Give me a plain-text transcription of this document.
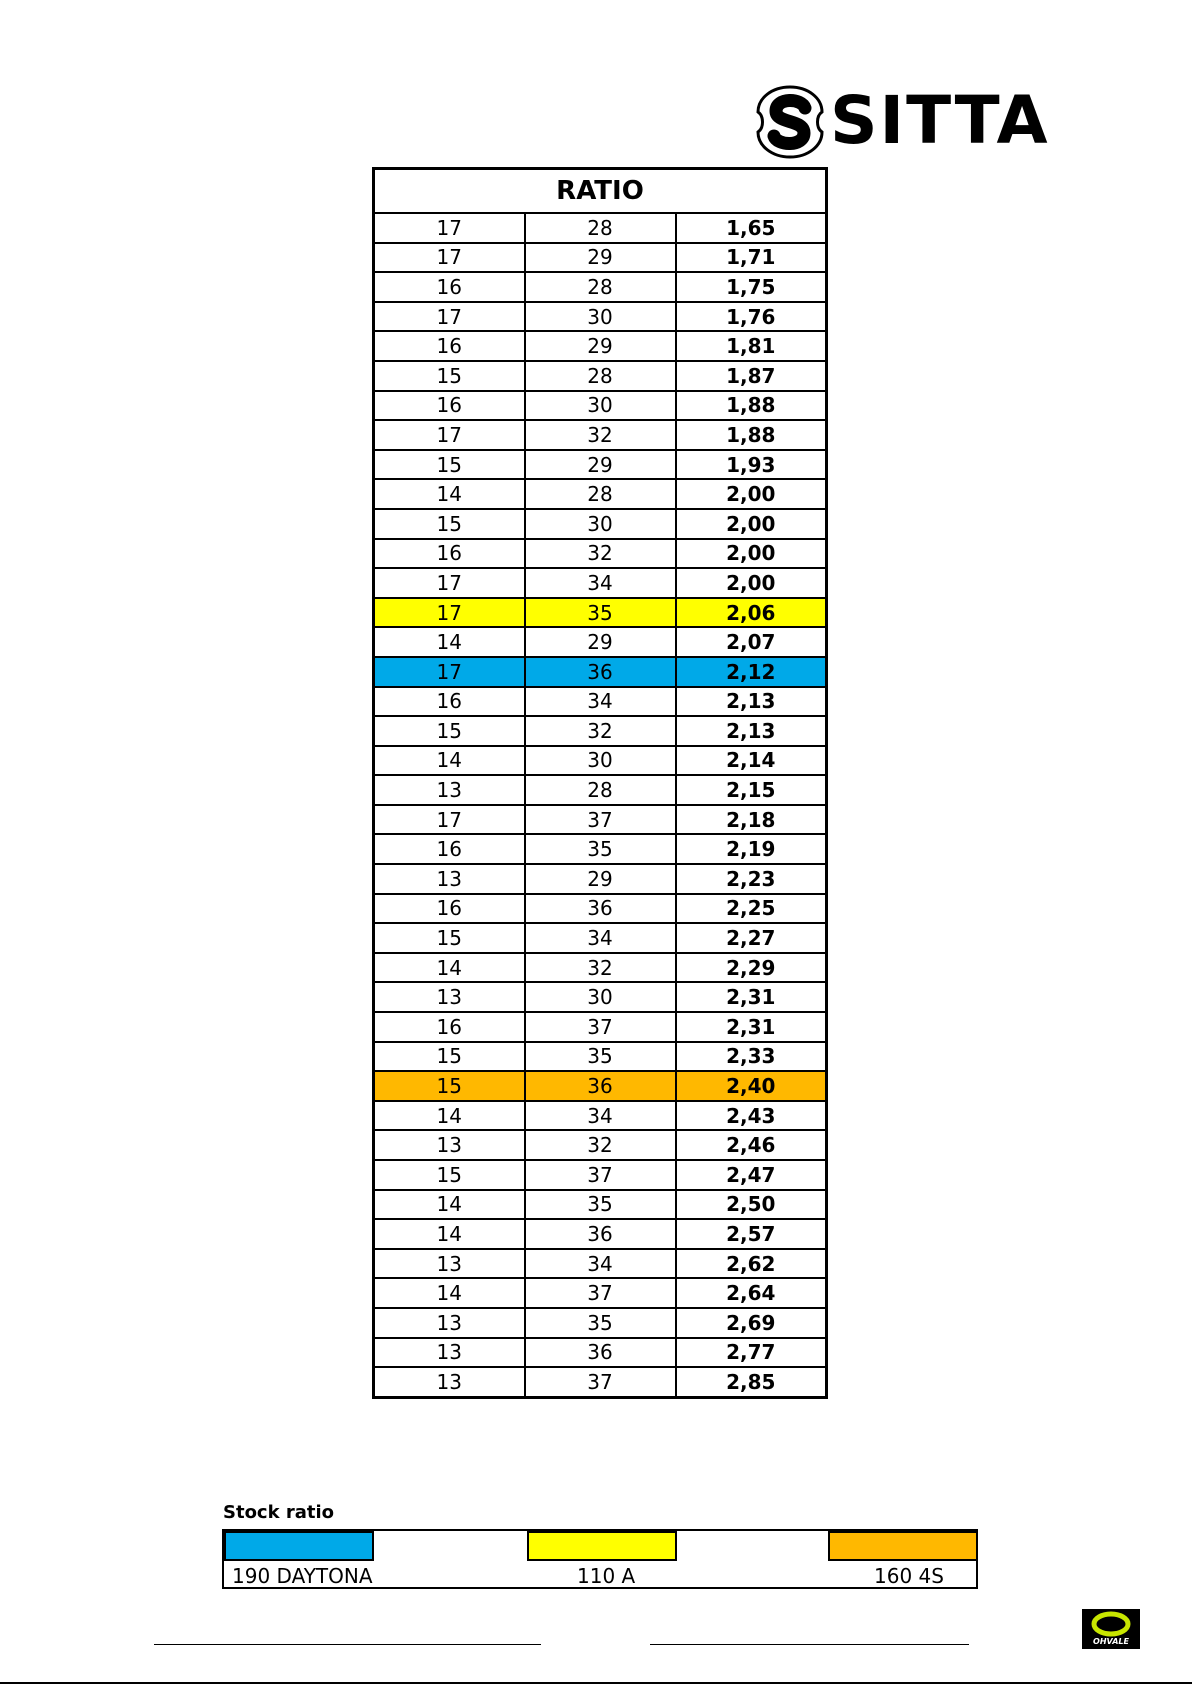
SITTA
RATIO		
17	28	1,65
17	29	1,71
16	28	1,75
17	30	1,76
16	29	1,81
15	28	1,87
16	30	1,88
17	32	1,88
15	29	1,93
14	28	2,00
15	30	2,00
16	32	2,00
17	34	2,00
17	35	2,06
14	29	2,07
17	36	2,12
16	34	2,13
15	32	2,13
14	30	2,14
13	28	2,15
17	37	2,18
16	35	2,19
13	29	2,23
16	36	2,25
15	34	2,27
14	32	2,29
13	30	2,31
16	37	2,31
15	35	2,33
15	36	2,40
14	34	2,43
13	32	2,46
15	37	2,47
14	35	2,50
14	36	2,57
13	34	2,62
14	37	2,64
13	35	2,69
13	36	2,77
13	37	2,85
Stock ratio
190 DAYTONA	110 A	160 4S
OHVALE
